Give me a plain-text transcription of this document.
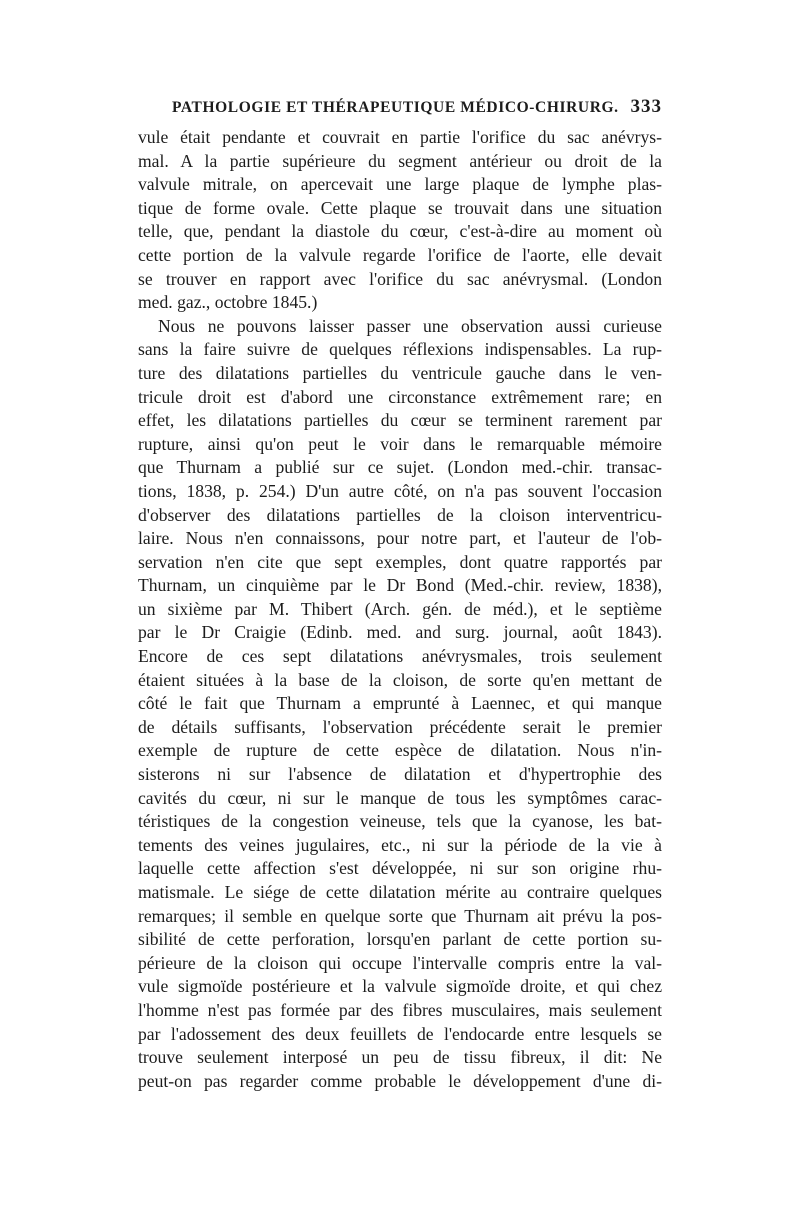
PATHOLOGIE ET THÉRAPEUTIQUE MÉDICO-CHIRURG. 333
vule était pendante et couvrait en partie l'orifice du sac anévrys-
mal. A la partie supérieure du segment antérieur ou droit de la
valvule mitrale, on apercevait une large plaque de lymphe plas-
tique de forme ovale. Cette plaque se trouvait dans une situation
telle, que, pendant la diastole du cœur, c'est-à-dire au moment où
cette portion de la valvule regarde l'orifice de l'aorte, elle devait
se trouver en rapport avec l'orifice du sac anévrysmal. (London
med. gaz., octobre 1845.)
Nous ne pouvons laisser passer une observation aussi curieuse
sans la faire suivre de quelques réflexions indispensables. La rup-
ture des dilatations partielles du ventricule gauche dans le ven-
tricule droit est d'abord une circonstance extrêmement rare; en
effet, les dilatations partielles du cœur se terminent rarement par
rupture, ainsi qu'on peut le voir dans le remarquable mémoire
que Thurnam a publié sur ce sujet. (London med.-chir. transac-
tions, 1838, p. 254.) D'un autre côté, on n'a pas souvent l'occasion
d'observer des dilatations partielles de la cloison interventricu-
laire. Nous n'en connaissons, pour notre part, et l'auteur de l'ob-
servation n'en cite que sept exemples, dont quatre rapportés par
Thurnam, un cinquième par le Dr Bond (Med.-chir. review, 1838),
un sixième par M. Thibert (Arch. gén. de méd.), et le septième
par le Dr Craigie (Edinb. med. and surg. journal, août 1843).
Encore de ces sept dilatations anévrysmales, trois seulement
étaient situées à la base de la cloison, de sorte qu'en mettant de
côté le fait que Thurnam a emprunté à Laennec, et qui manque
de détails suffisants, l'observation précédente serait le premier
exemple de rupture de cette espèce de dilatation. Nous n'in-
sisterons ni sur l'absence de dilatation et d'hypertrophie des
cavités du cœur, ni sur le manque de tous les symptômes carac-
téristiques de la congestion veineuse, tels que la cyanose, les bat-
tements des veines jugulaires, etc., ni sur la période de la vie à
laquelle cette affection s'est développée, ni sur son origine rhu-
matismale. Le siége de cette dilatation mérite au contraire quelques
remarques; il semble en quelque sorte que Thurnam ait prévu la pos-
sibilité de cette perforation, lorsqu'en parlant de cette portion su-
périeure de la cloison qui occupe l'intervalle compris entre la val-
vule sigmoïde postérieure et la valvule sigmoïde droite, et qui chez
l'homme n'est pas formée par des fibres musculaires, mais seulement
par l'adossement des deux feuillets de l'endocarde entre lesquels se
trouve seulement interposé un peu de tissu fibreux, il dit: Ne
peut-on pas regarder comme probable le développement d'une di-
